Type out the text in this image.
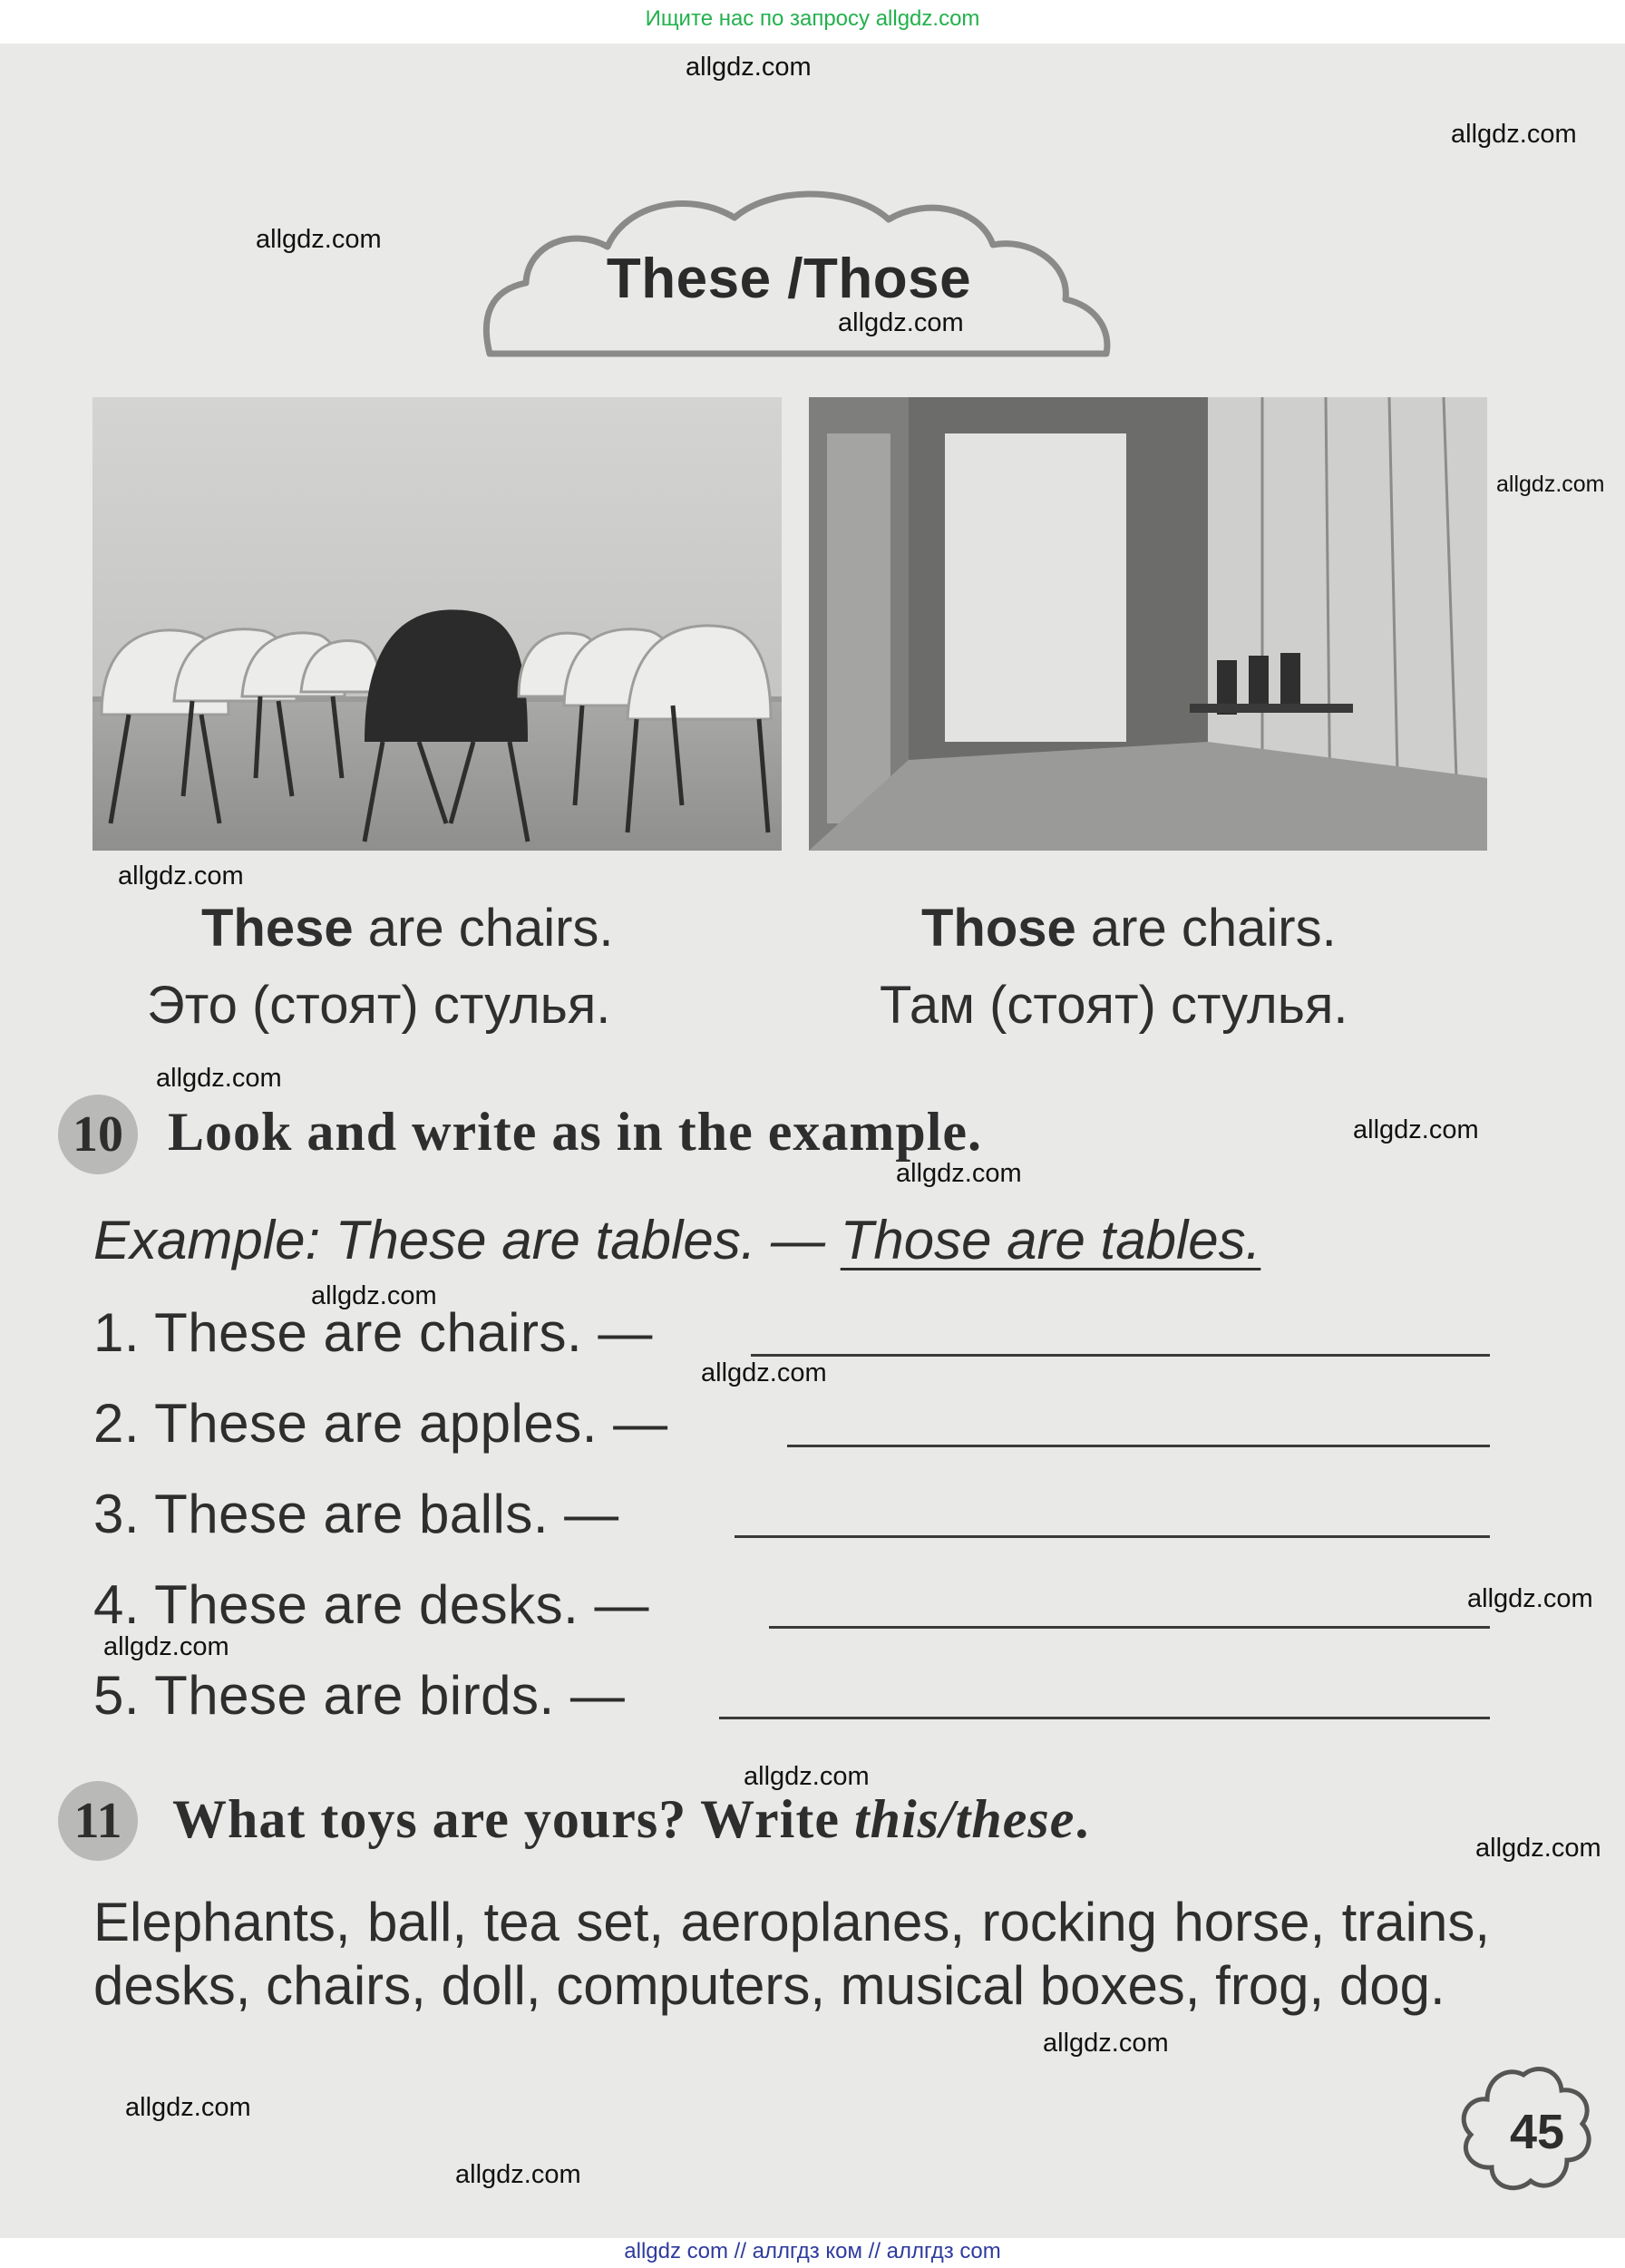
Ищите нас по запросу allgdz.com

These /Those
These are chairs.
Это (стоят) стулья.
Those are chairs.
Там (стоят) стулья.
10 Look and write as in the example.
Example: These are tables. — Those are tables.
1. These are chairs. —
2. These are apples. —
3. These are balls. —
4. These are desks. —
5. These are birds. —
11 What toys are yours? Write this/these.
Elephants, ball, tea set, aeroplanes, rocking horse, trains, desks, chairs, doll, computers, musical boxes, frog, dog.
45
allgdz.com
allgdz.com
allgdz.com
allgdz.com
allgdz.com
allgdz.com
allgdz.com
allgdz.com
allgdz.com
allgdz.com
allgdz.com
allgdz.com
allgdz.com
allgdz.com
allgdz.com
allgdz.com
allgdz.com
allgdz.com
allgdz com // аллгдз ком // аллгдз com
